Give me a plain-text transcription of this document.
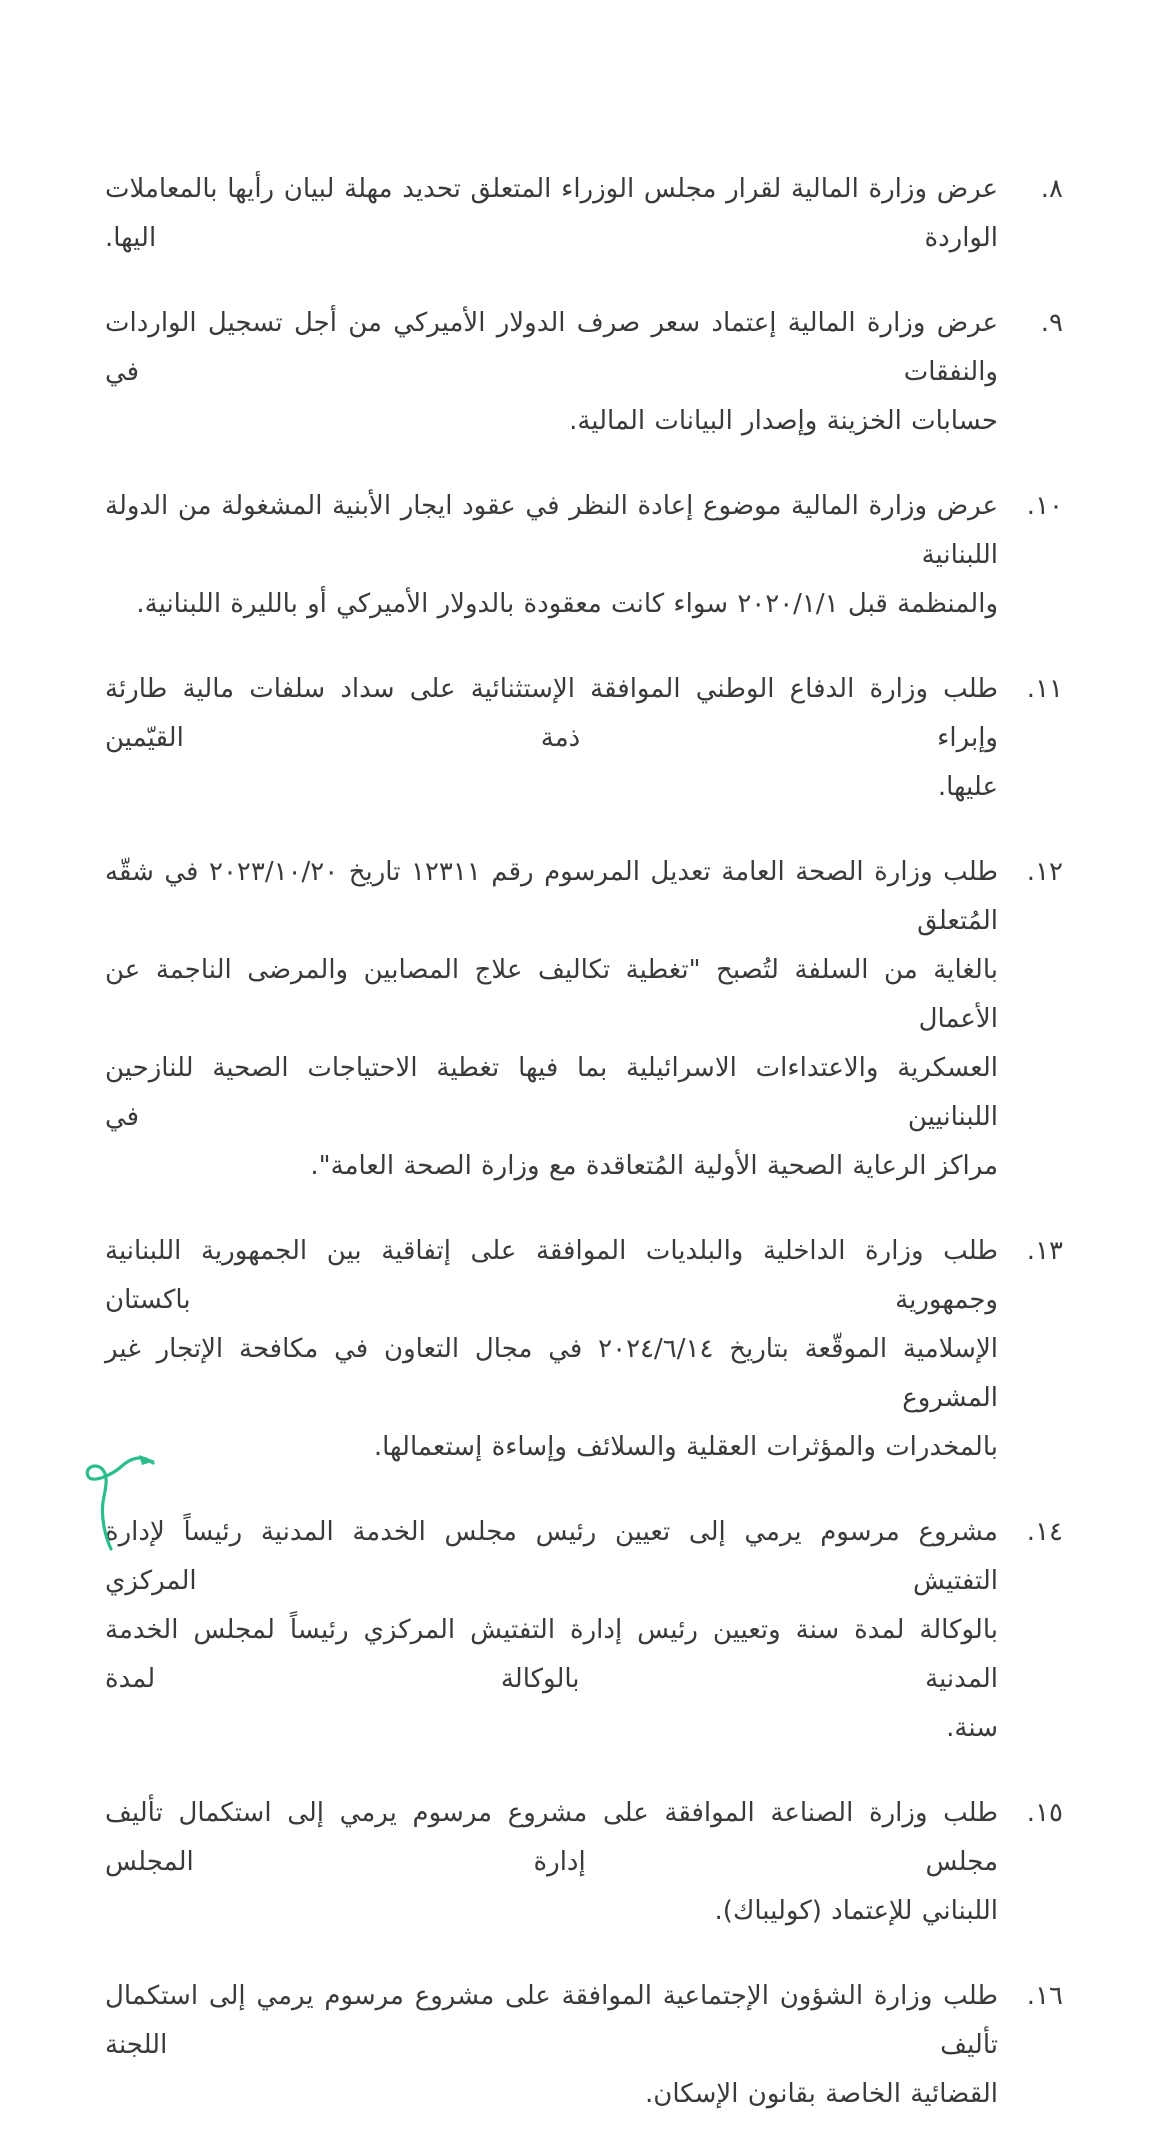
٨.
عرض وزارة المالية لقرار مجلس الوزراء المتعلق تحديد مهلة لبيان رأيها بالمعاملات الواردة اليها.
٩.
عرض وزارة المالية إعتماد سعر صرف الدولار الأميركي من أجل تسجيل الواردات والنفقات في
حسابات الخزينة وإصدار البيانات المالية.
١٠.
عرض وزارة المالية موضوع إعادة النظر في عقود ايجار الأبنية المشغولة من الدولة اللبنانية
والمنظمة قبل ٢٠٢٠/١/١ سواء كانت معقودة بالدولار الأميركي أو بالليرة اللبنانية.
١١.
طلب وزارة الدفاع الوطني الموافقة الإستثنائية على سداد سلفات مالية طارئة وإبراء ذمة القيّمين
عليها.
١٢.
طلب وزارة الصحة العامة تعديل المرسوم رقم ١٢٣١١ تاريخ ٢٠٢٣/١٠/٢٠ في شقّه المُتعلق
بالغاية من السلفة لتُصبح "تغطية تكاليف علاج المصابين والمرضى الناجمة عن الأعمال
العسكرية والاعتداءات الاسرائيلية بما فيها تغطية الاحتياجات الصحية للنازحين اللبنانيين في
مراكز الرعاية الصحية الأولية المُتعاقدة مع وزارة الصحة العامة".
١٣.
طلب وزارة الداخلية والبلديات الموافقة على إتفاقية بين الجمهورية اللبنانية وجمهورية باكستان
الإسلامية الموقّعة بتاريخ ٢٠٢٤/٦/١٤ في مجال التعاون في مكافحة الإتجار غير المشروع
بالمخدرات والمؤثرات العقلية والسلائف وإساءة إستعمالها.
١٤.
مشروع مرسوم يرمي إلى تعيين رئيس مجلس الخدمة المدنية رئيساً لإدارة التفتيش المركزي
بالوكالة لمدة سنة وتعيين رئيس إدارة التفتيش المركزي رئيساً لمجلس الخدمة المدنية بالوكالة لمدة
سنة.
١٥.
طلب وزارة الصناعة الموافقة على مشروع مرسوم يرمي إلى استكمال تأليف مجلس إدارة المجلس
اللبناني للإعتماد (كوليباك).
١٦.
طلب وزارة الشؤون الإجتماعية الموافقة على مشروع مرسوم يرمي إلى استكمال تأليف اللجنة
القضائية الخاصة بقانون الإسكان.
